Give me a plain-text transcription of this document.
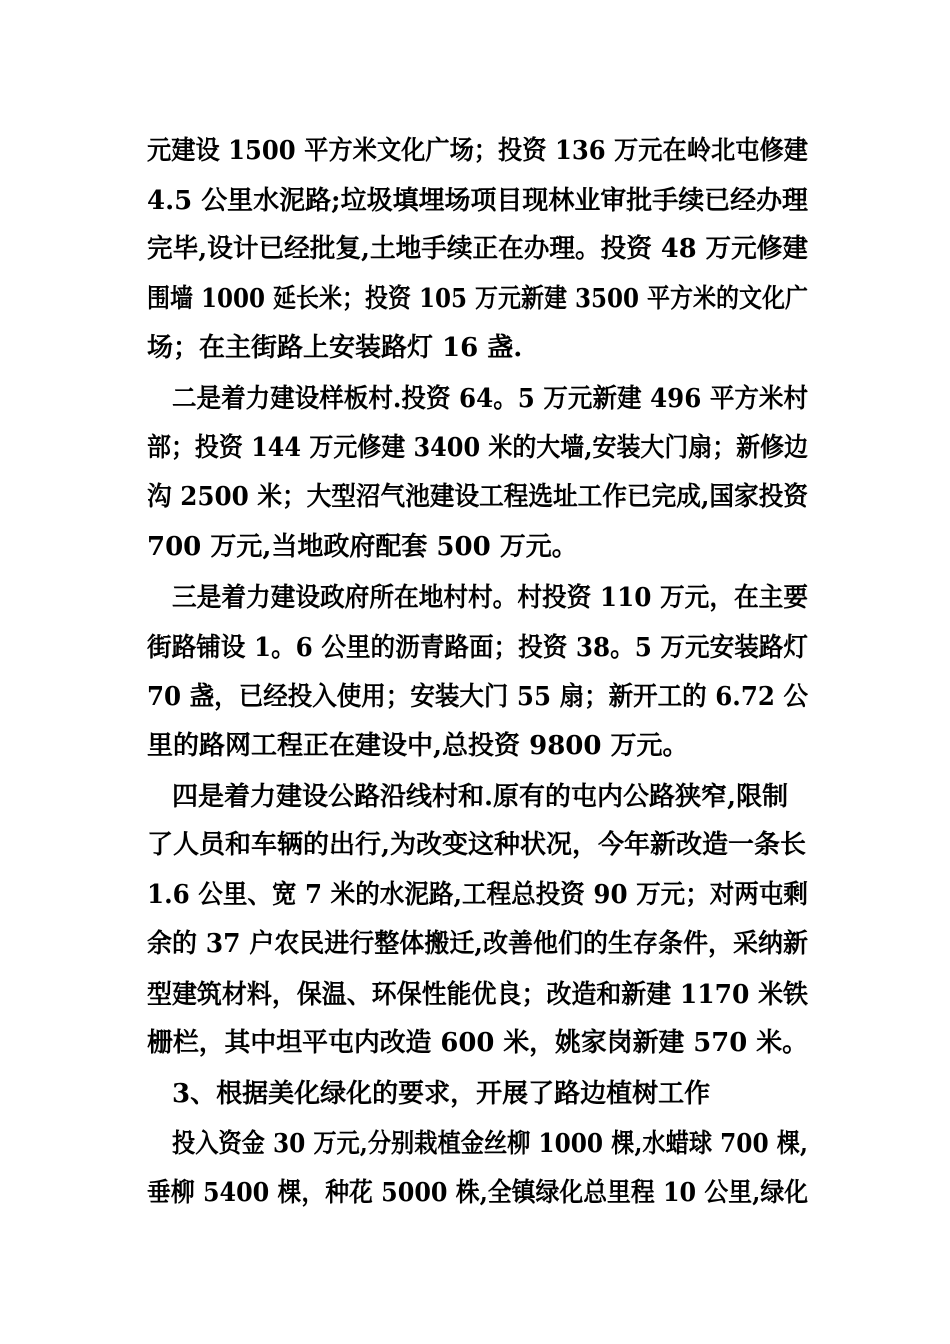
元建设 1500 平方米文化广场；投资 136 万元在岭北屯修建
4.5 公里水泥路;垃圾填埋场项目现林业审批手续已经办理
完毕,设计已经批复,土地手续正在办理。投资 48 万元修建
围墙 1000 延长米；投资 105 万元新建 3500 平方米的文化广
场；在主街路上安装路灯 16 盏.
二是着力建设样板村.投资 64。5 万元新建 496 平方米村
部；投资 144 万元修建 3400 米的大墙,安装大门扇；新修边
沟 2500 米；大型沼气池建设工程选址工作已完成,国家投资
700 万元,当地政府配套 500 万元。
三是着力建设政府所在地村村。村投资 110 万元，在主要
街路铺设 1。6 公里的沥青路面；投资 38。5 万元安装路灯
70 盏，已经投入使用；安装大门 55 扇；新开工的 6.72 公
里的路网工程正在建设中,总投资 9800 万元。
四是着力建设公路沿线村和.原有的屯内公路狭窄,限制
了人员和车辆的出行,为改变这种状况，今年新改造一条长
1.6 公里、宽 7 米的水泥路,工程总投资 90 万元；对两屯剩
余的 37 户农民进行整体搬迁,改善他们的生存条件，采纳新
型建筑材料，保温、环保性能优良；改造和新建 1170 米铁
栅栏，其中坦平屯内改造 600 米，姚家岗新建 570 米。
3、根据美化绿化的要求，开展了路边植树工作
投入资金 30 万元,分别栽植金丝柳 1000 棵,水蜡球 700 棵,
垂柳 5400 棵，种花 5000 株,全镇绿化总里程 10 公里,绿化
